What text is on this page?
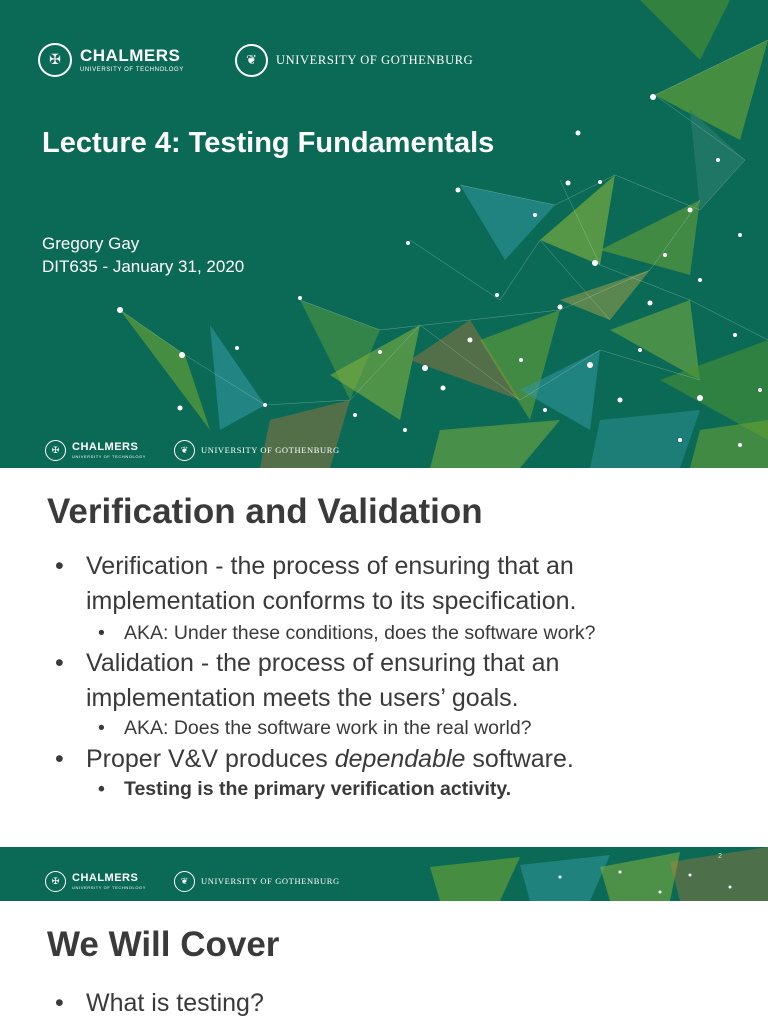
✠	CHALMERS
UNIVERSITY OF TECHNOLOGY
❦	UNIVERSITY OF GOTHENBURG
Lecture 4: Testing Fundamentals
Gregory Gay
DIT635 - January 31, 2020
✠	CHALMERS
UNIVERSITY OF TECHNOLOGY
❦	UNIVERSITY OF GOTHENBURG
Verification and Validation
• Verification - the process of ensuring that an implementation conforms to its specification.
• AKA: Under these conditions, does the software work?
• Validation - the process of ensuring that an implementation meets the users’ goals.
• AKA: Does the software work in the real world?
• Proper V&V produces dependable software.
• Testing is the primary verification activity.
2
✠	CHALMERS
UNIVERSITY OF TECHNOLOGY
❦	UNIVERSITY OF GOTHENBURG
We Will Cover
• What is testing?
